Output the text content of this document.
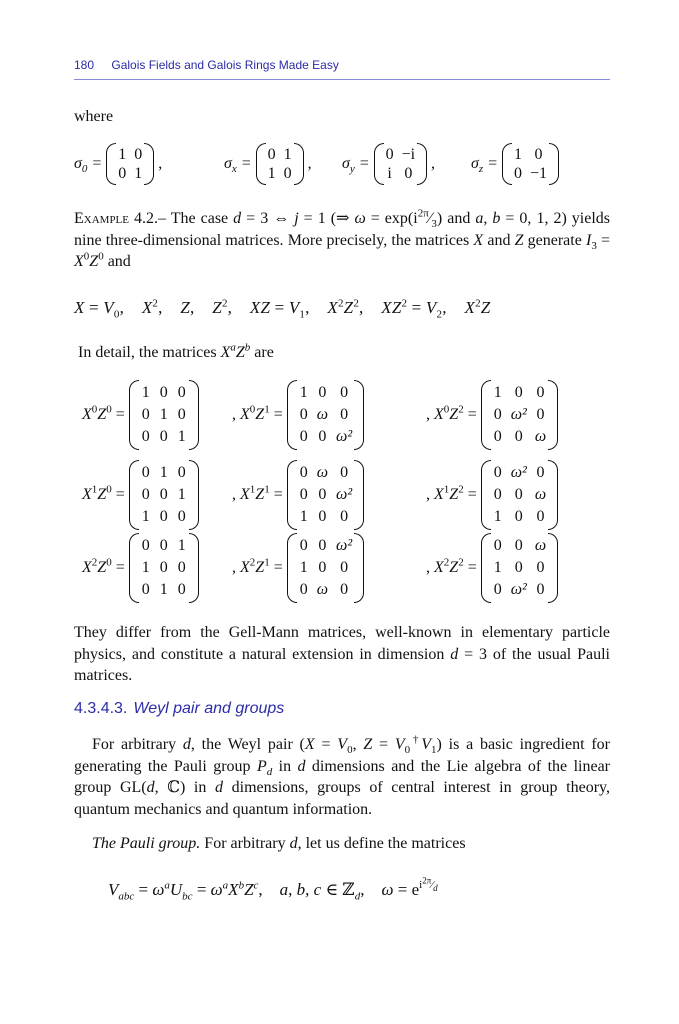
180 Galois Fields and Galois Rings Made Easy
where
$\sigma_0$ =
1	0
0	1
,	$\sigma_x$ =
0	1
1	0
, $\sigma_y$ =
0	−i
i	0
, $\sigma_z$ =
1	0
0	−1
Example 4.2.– The case d = 3 ⇔ j = 1 (⇒ $\omega = \exp(i^{2\pi}⁄_3)$ and a, b = 0, 1, 2) yields nine three-dimensional matrices. More precisely, the matrices X and Z generate $I_3 = X^0Z^0$ and
$X = V_0$,    $X^2$,    Z,    $Z^2$,    XZ = $V_1$,    $X^2Z^2$,    $XZ^2 = V_2$,    $X^2Z$
In detail, the matrices $X^aZ^b$ are
$X^0Z^0$ =
1	0	0
0	1	0
0	0	1
, $X^0Z^1$ =
1	0	0
0	ω	0
0	0	ω²
, $X^0Z^2$ =
1	0	0
0	ω²	0
0	0	ω
$X^1Z^0$ =
0	1	0
0	0	1
1	0	0
, $X^1Z^1$ =
0	ω	0
0	0	ω²
1	0	0
, $X^1Z^2$ =
0	ω²	0
0	0	ω
1	0	0
$X^2Z^0$ =
0	0	1
1	0	0
0	1	0
, $X^2Z^1$ =
0	0	ω²
1	0	0
0	ω	0
, $X^2Z^2$ =
0	0	ω
1	0	0
0	ω²	0
They differ from the Gell-Mann matrices, well-known in elementary particle physics, and constitute a natural extension in dimension d = 3 of the usual Pauli matrices.
4.3.4.3. Weyl pair and groups
For arbitrary d, the Weyl pair ($X = V_0$, $Z = V_0^\dagger V_1$) is a basic ingredient for generating the Pauli group $P_d$ in d dimensions and the Lie algebra of the linear group GL(d, ℂ) in d dimensions, groups of central interest in group theory, quantum mechanics and quantum information.
The Pauli group. For arbitrary d, let us define the matrices
$V_{abc} = \omega^aU_{bc} = \omega^aX^bZ^c$,    a, b, c ∈ ℤ$_d$,    $\omega = e^{i^{2\pi}⁄_d}$
